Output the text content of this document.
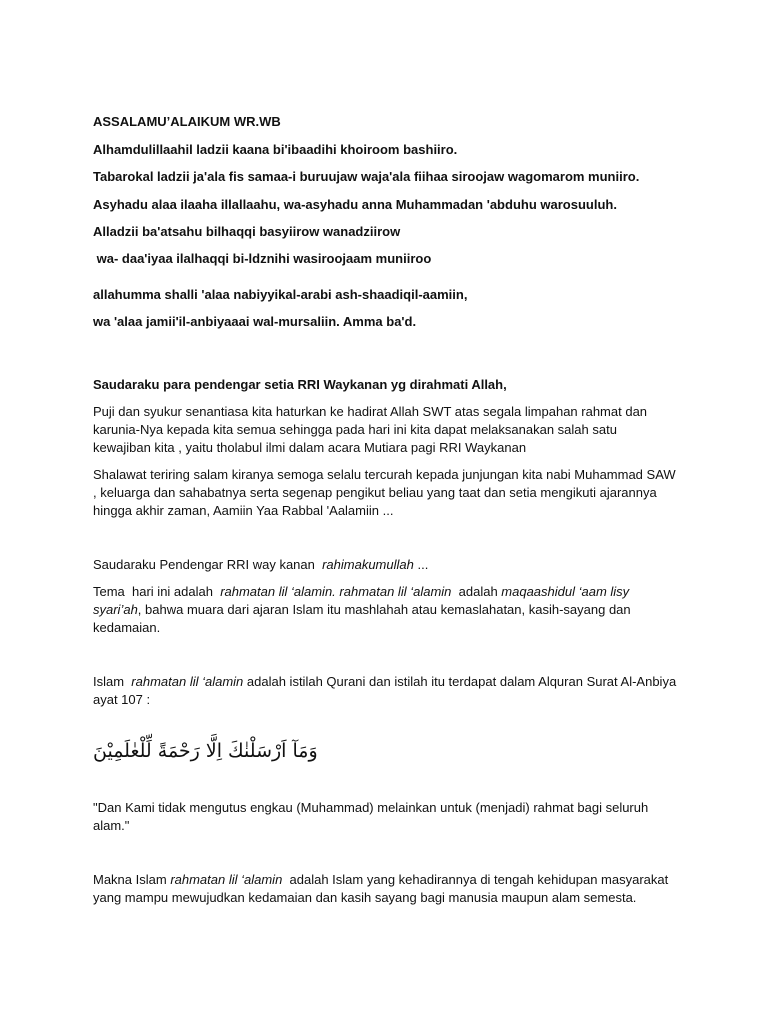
ASSALAMU’ALAIKUM WR.WB

Alhamdulillaahil ladzii kaana bi'ibaadihi khoiroom bashiiro.

Tabarokal ladzii ja'ala fis samaa-i buruujaw waja'ala fiihaa siroojaw wagomarom muniiro.

Asyhadu alaa ilaaha illallaahu, wa-asyhadu anna Muhammadan 'abduhu warosuuluh.

Alladzii ba'atsahu bilhaqqi basyiirow wanadziirow

wa- daa'iyaa ilalhaqqi bi-ldznihi wasiroojaam muniiroo

allahumma shalli 'alaa nabiyyikal-arabi ash-shaadiqil-aamiin,

wa 'alaa jamii'il-anbiyaaai wal-mursaliin. Amma ba'd.

Saudaraku para pendengar setia RRI Waykanan yg dirahmati Allah,

Puji dan syukur senantiasa kita haturkan ke hadirat Allah SWT atas segala limpahan rahmat dan karunia-Nya kepada kita semua sehingga pada hari ini kita dapat melaksanakan salah satu kewajiban kita , yaitu tholabul ilmi dalam acara Mutiara pagi RRI Waykanan

Shalawat teriring salam kiranya semoga selalu tercurah kepada junjungan kita nabi Muhammad SAW , keluarga dan sahabatnya serta segenap pengikut beliau yang taat dan setia mengikuti ajarannya hingga akhir zaman, Aamiin Yaa Rabbal 'Aalamiin ...

Saudaraku Pendengar RRI way kanan  rahimakumullah ...

Tema  hari ini adalah  rahmatan lil ‘alamin. rahmatan lil ‘alamin  adalah maqaashidul ‘aam lisy syari’ah, bahwa muara dari ajaran Islam itu mashlahah atau kemaslahatan, kasih-sayang dan kedamaian.

Islam  rahmatan lil ‘alamin adalah istilah Qurani dan istilah itu terdapat dalam Alquran Surat Al-Anbiya ayat 107 :

وَمَآ اَرْسَلْنٰكَ اِلَّا رَحْمَةً لِّلْعٰلَمِيْنَ

"Dan Kami tidak mengutus engkau (Muhammad) melainkan untuk (menjadi) rahmat bagi seluruh alam."

Makna Islam rahmatan lil ‘alamin  adalah Islam yang kehadirannya di tengah kehidupan masyarakat yang mampu mewujudkan kedamaian dan kasih sayang bagi manusia maupun alam semesta.
